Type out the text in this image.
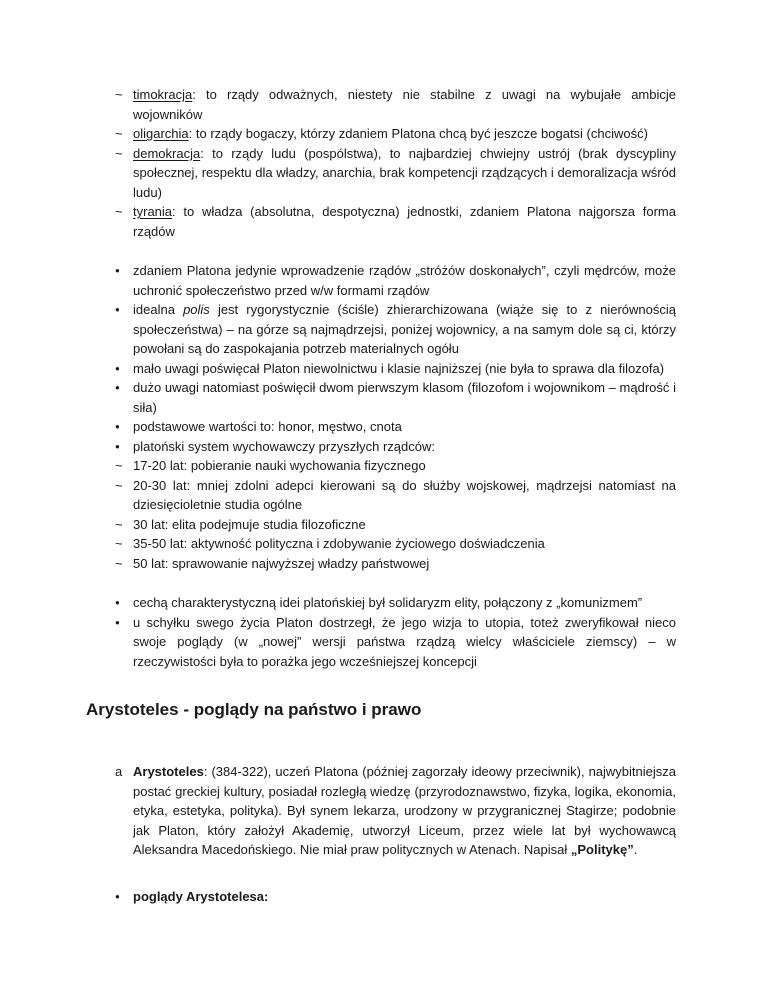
~ timokracja: to rządy odważnych, niestety nie stabilne z uwagi na wybujałe ambicje wojowników
~ oligarchia: to rządy bogaczy, którzy zdaniem Platona chcą być jeszcze bogatsi (chciwość)
~ demokracja: to rządy ludu (pospólstwa), to najbardziej chwiejny ustrój (brak dyscypliny społecznej, respektu dla władzy, anarchia, brak kompetencji rządzących i demoralizacja wśród ludu)
~ tyrania: to władza (absolutna, despotyczna) jednostki, zdaniem Platona najgorsza forma rządów
●	zdaniem Platona jedynie wprowadzenie rządów „stróżów doskonałych”, czyli mędrców, może uchronić społeczeństwo przed w/w formami rządów
●	idealna polis jest rygorystycznie (ściśle) zhierarchizowana (wiąże się to z nierównością społeczeństwa) – na górze są najmądrzejsi, poniżej wojownicy, a na samym dole są ci, którzy powołani są do zaspokajania potrzeb materialnych ogółu
●	mało uwagi poświęcał Platon niewolnictwu i klasie najniższej (nie była to sprawa dla filozofa)
●	dużo uwagi natomiast poświęcił dwom pierwszym klasom (filozofom i wojownikom – mądrość i siła)
●	podstawowe wartości to: honor, męstwo, cnota
●	platoński system wychowawczy przyszłych rządców:
~ 17-20 lat: pobieranie nauki wychowania fizycznego
~ 20-30 lat: mniej zdolni adepci kierowani są do służby wojskowej, mądrzejsi natomiast na dziesięcioletnie studia ogólne
~ 30 lat: elita podejmuje studia filozoficzne
~ 35-50 lat: aktywność polityczna i zdobywanie życiowego doświadczenia
~ 50 lat: sprawowanie najwyższej władzy państwowej
●	cechą charakterystyczną idei platońskiej był solidaryzm elity, połączony z „komunizmem”
●	u schyłku swego życia Platon dostrzegł, że jego wizja to utopia, toteż zweryfikował nieco swoje poglądy (w „nowej” wersji państwa rządzą wielcy właściciele ziemscy) – w rzeczywistości była to porażka jego wcześniejszej koncepcji
Arystoteles - poglądy na państwo i prawo
a Arystoteles: (384-322), uczeń Platona (później zagorzały ideowy przeciwnik), najwybitniejsza postać greckiej kultury, posiadał rozległą wiedzę (przyrodoznawstwo, fizyka, logika, ekonomia, etyka, estetyka, polityka). Był synem lekarza, urodzony w przygranicznej Stagirze; podobnie jak Platon, który założył Akademię, utworzył Liceum, przez wiele lat był wychowawcą Aleksandra Macedońskiego. Nie miał praw politycznych w Atenach. Napisał „Politykę”.
●	poglądy Arystotelesa:
